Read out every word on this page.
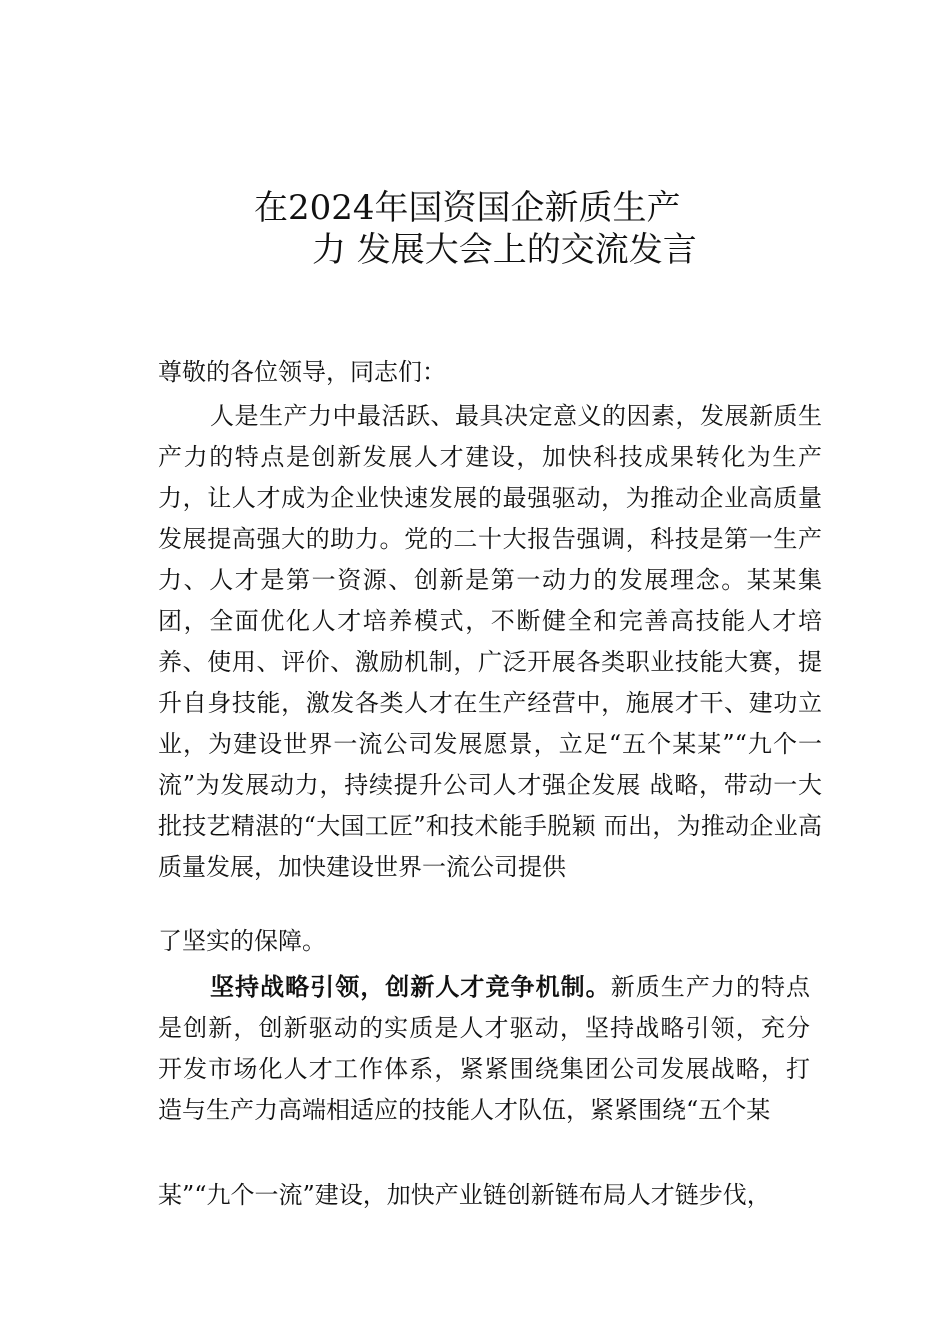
在2024年国资国企新质生产
力 发展大会上的交流发言

尊敬的各位领导，同志们：

人是生产力中最活跃、最具决定意义的因素，发展新质生产力的特点是创新发展人才建设，加快科技成果转化为生产力，让人才成为企业快速发展的最强驱动，为推动企业高质量发展提高强大的助力。党的二十大报告强调，科技是第一生产力、人才是第一资源、创新是第一动力的发展理念。某某集团，全面优化人才培养模式，不断健全和完善高技能人才培养、使用、评价、激励机制，广泛开展各类职业技能大赛，提升自身技能，激发各类人才在生产经营中，施展才干、建功立业，为建设世界一流公司发展愿景，立足“五个某某”“九个一流”为发展动力，持续提升公司人才强企发展 战略，带动一大批技艺精湛的“大国工匠”和技术能手脱颖 而出，为推动企业高质量发展，加快建设世界一流公司提供

了坚实的保障。

坚持战略引领，创新人才竞争机制。新质生产力的特点 是创新，创新驱动的实质是人才驱动，坚持战略引领，充分 开发市场化人才工作体系，紧紧围绕集团公司发展战略，打 造与生产力高端相适应的技能人才队伍，紧紧围绕“五个某

某”“九个一流”建设，加快产业链创新链布局人才链步伐，
